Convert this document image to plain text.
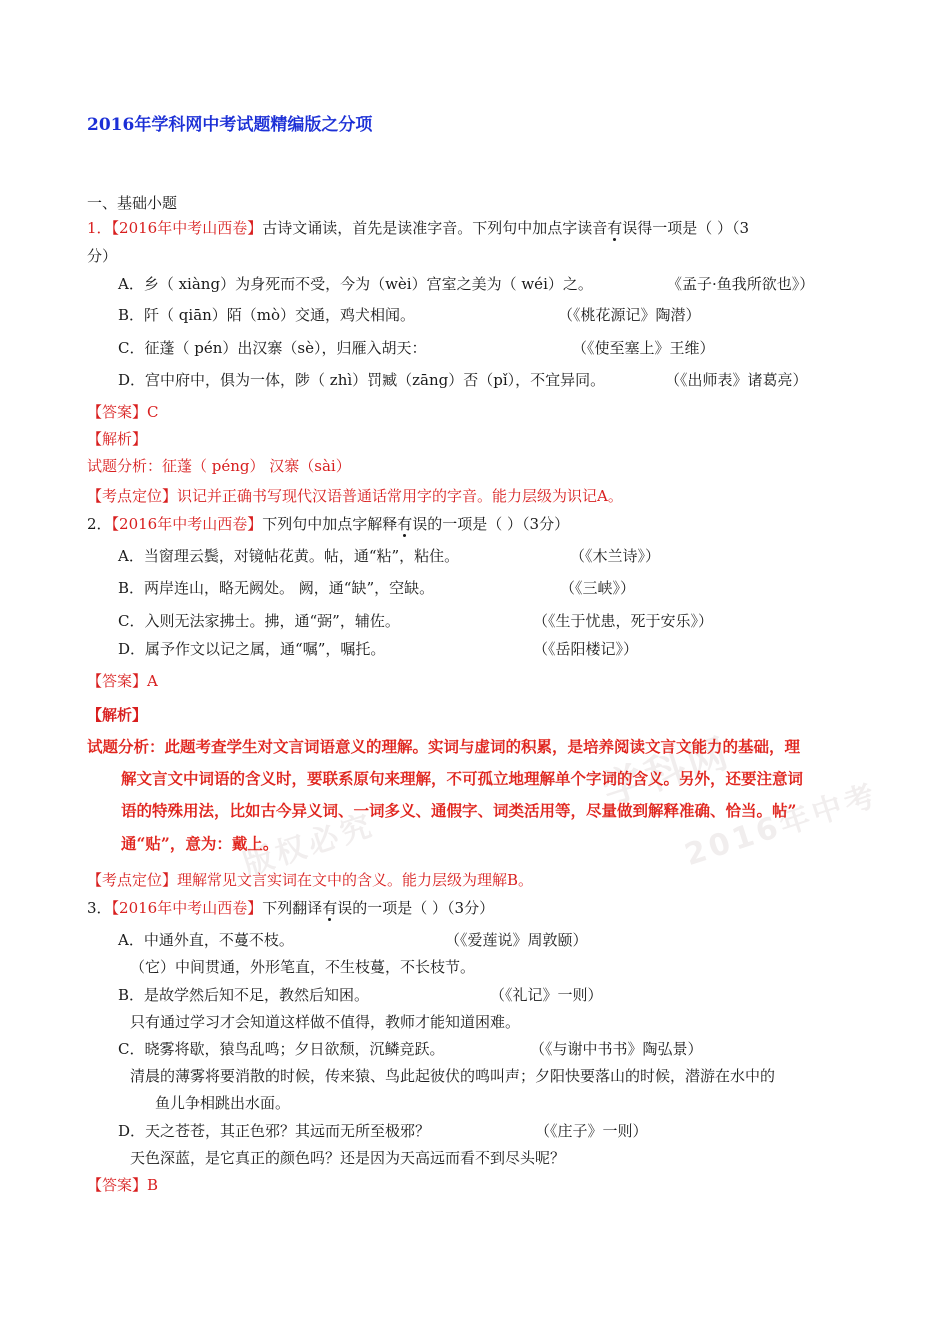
学科网
2016年中考
版权必究
2016年学科网中考试题精编版之分项
一、基础小题
1．【2016年中考山西卷】古诗文诵读，首先是读准字音。下列句中加点字读音有误得一项是（ ）（3
分）
A．乡（ xiàng）为身死而不受，今为（wèi）宫室之美为（ wéi）之。	《孟子·鱼我所欲也》）
B．阡（ qiān）陌（mò）交通，鸡犬相闻。	（《桃花源记》陶潜）
C．征蓬（ pén）出汉寨（sè），归雁入胡天：	（《使至塞上》王维）
D．宫中府中，俱为一体，陟（ zhì）罚臧（zāng）否（pǐ），不宜异同。	（《出师表》诸葛亮）
【答案】C
【解析】
试题分析：征蓬（ péng） 汉寨（sài）
【考点定位】识记并正确书写现代汉语普通话常用字的字音。能力层级为识记A。
2．【2016年中考山西卷】下列句中加点字解释有误的一项是（ ）（3分）
A．当窗理云鬓，对镜帖花黄。帖，通“粘”，粘住。	（《木兰诗》）
B．两岸连山，略无阙处。 阙，通“缺”，空缺。	（《三峡》）
C．入则无法家拂士。拂，通“弼”，辅佐。	（《生于忧患，死于安乐》）
D．属予作文以记之属，通“嘱”，嘱托。	（《岳阳楼记》）
【答案】A
【解析】
试题分析：此题考查学生对文言词语意义的理解。实词与虚词的积累，是培养阅读文言文能力的基础，理
解文言文中词语的含义时，要联系原句来理解，不可孤立地理解单个字词的含义。另外，还要注意词
语的特殊用法，比如古今异义词、一词多义、通假字、词类活用等，尽量做到解释准确、恰当。帖”
通“贴”，意为：戴上。
【考点定位】理解常见文言实词在文中的含义。能力层级为理解B。
3．【2016年中考山西卷】下列翻译有误的一项是（ ）（3分）
A．中通外直，不蔓不枝。	（《爱莲说》周敦颐）
（它）中间贯通，外形笔直，不生枝蔓，不长枝节。
B．是故学然后知不足，教然后知困。	（《礼记》一则）
只有通过学习才会知道这样做不值得，教师才能知道困难。
C．晓雾将歇，猿鸟乱鸣；夕日欲颓，沉鳞竞跃。	（《与谢中书书》陶弘景）
清晨的薄雾将要消散的时候，传来猿、鸟此起彼伏的鸣叫声；夕阳快要落山的时候，潜游在水中的
鱼儿争相跳出水面。
D．天之苍苍，其正色邪？其远而无所至极邪？	（《庄子》一则）
天色深蓝，是它真正的颜色吗？还是因为天高远而看不到尽头呢？
【答案】B
